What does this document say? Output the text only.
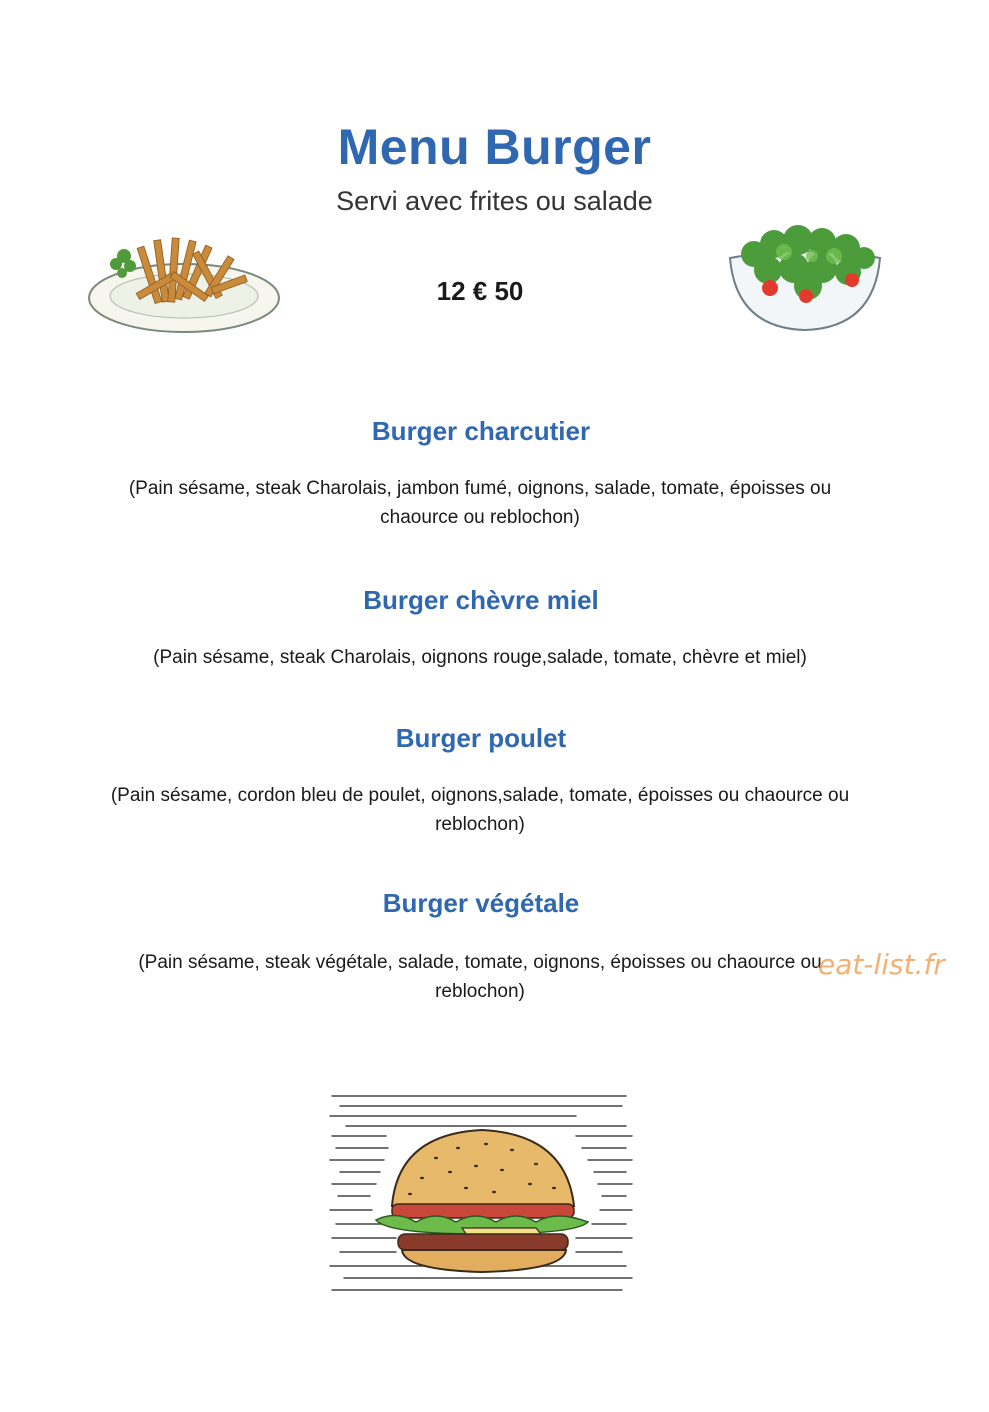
Menu Burger
Servi avec frites ou salade
12 € 50
Burger charcutier
(Pain sésame, steak Charolais, jambon fumé, oignons, salade, tomate, époisses ou
chaource ou reblochon)
Burger chèvre miel
(Pain sésame, steak Charolais, oignons rouge,salade, tomate, chèvre et miel)
Burger poulet
(Pain sésame, cordon bleu de poulet, oignons,salade, tomate, époisses ou chaource ou
reblochon)
Burger végétale
(Pain sésame, steak végétale, salade, tomate, oignons, époisses ou chaource ou
reblochon)
eat-list.fr
